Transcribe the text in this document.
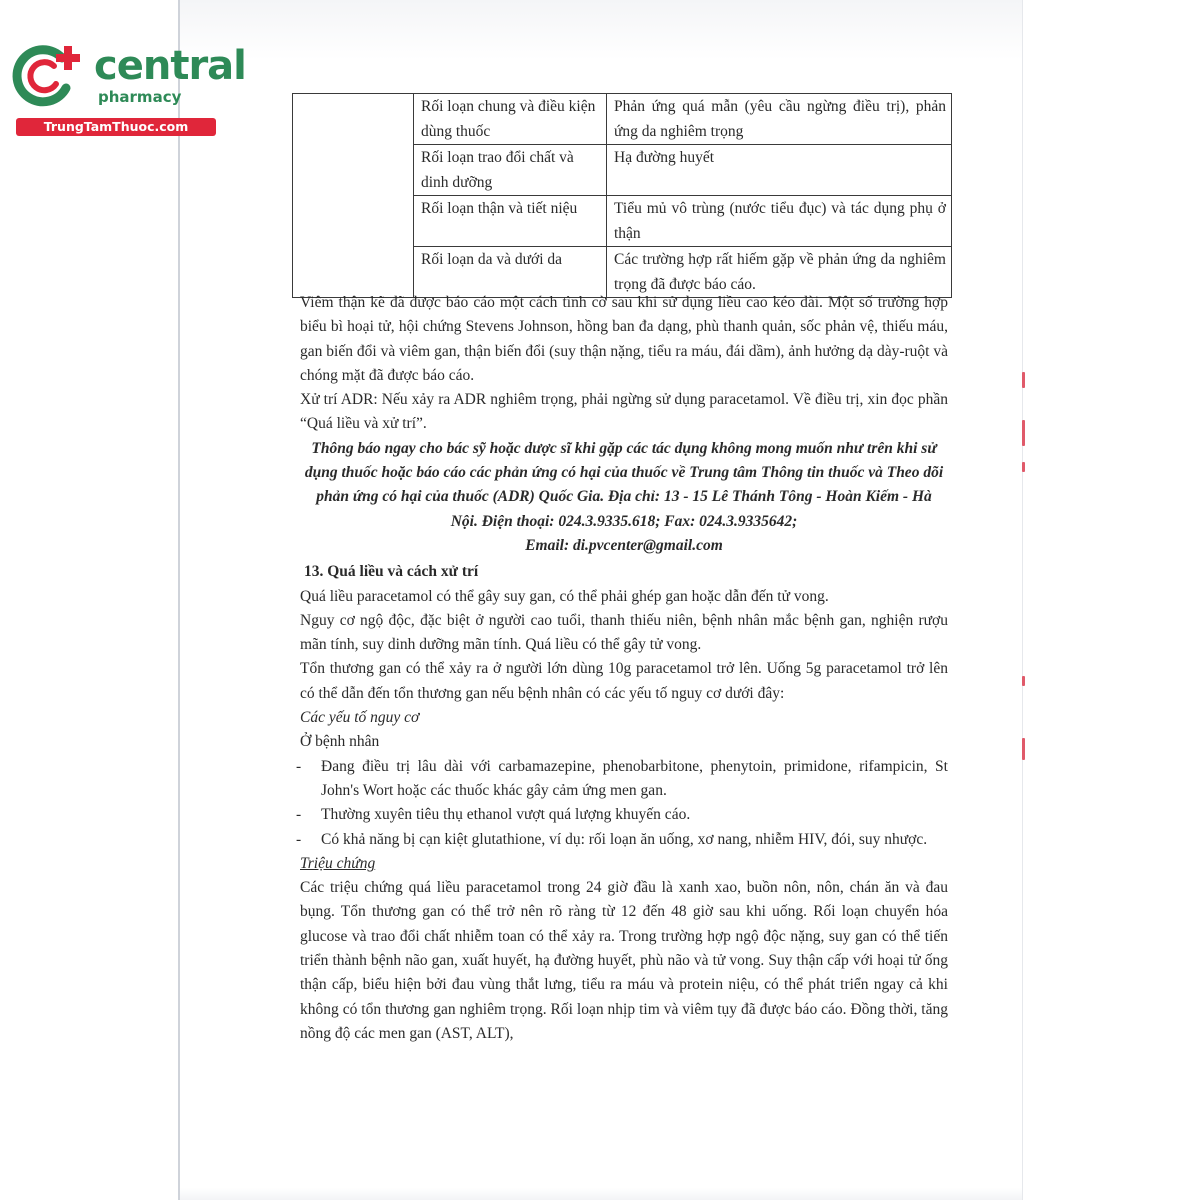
central
pharmacy
TrungTamThuoc.com
	Rối loạn chung và điều kiện dùng thuốc	Phản ứng quá mẫn (yêu cầu ngừng điều trị), phản ứng da nghiêm trọng
	Rối loạn trao đổi chất và dinh dưỡng	Hạ đường huyết
	Rối loạn thận và tiết niệu	Tiểu mủ vô trùng (nước tiểu đục) và tác dụng phụ ở thận
	Rối loạn da và dưới da	Các trường hợp rất hiếm gặp về phản ứng da nghiêm trọng đã được báo cáo.

Viêm thận kẽ đã được báo cáo một cách tình cờ sau khi sử dụng liều cao kéo dài. Một số trường hợp biểu bì hoại tử, hội chứng Stevens Johnson, hồng ban đa dạng, phù thanh quản, sốc phản vệ, thiếu máu, gan biến đổi và viêm gan, thận biến đổi (suy thận nặng, tiểu ra máu, đái dầm), ảnh hưởng dạ dày-ruột và chóng mặt đã được báo cáo.

Xử trí ADR: Nếu xảy ra ADR nghiêm trọng, phải ngừng sử dụng paracetamol. Về điều trị, xin đọc phần “Quá liều và xử trí”.

Thông báo ngay cho bác sỹ hoặc dược sĩ khi gặp các tác dụng không mong muốn như trên khi sử dụng thuốc hoặc báo cáo các phản ứng có hại của thuốc về Trung tâm Thông tin thuốc và Theo dõi phản ứng có hại của thuốc (ADR) Quốc Gia. Địa chỉ: 13 - 15 Lê Thánh Tông - Hoàn Kiếm - Hà Nội. Điện thoại: 024.3.9335.618; Fax: 024.3.9335642;

Email: di.pvcenter@gmail.com

13. Quá liều và cách xử trí

Quá liều paracetamol có thể gây suy gan, có thể phải ghép gan hoặc dẫn đến tử vong.

Nguy cơ ngộ độc, đặc biệt ở người cao tuổi, thanh thiếu niên, bệnh nhân mắc bệnh gan, nghiện rượu mãn tính, suy dinh dưỡng mãn tính. Quá liều có thể gây tử vong.

Tổn thương gan có thể xảy ra ở người lớn dùng 10g paracetamol trở lên. Uống 5g paracetamol trở lên có thể dẫn đến tổn thương gan nếu bệnh nhân có các yếu tố nguy cơ dưới đây:

Các yếu tố nguy cơ

Ở bệnh nhân

- Đang điều trị lâu dài với carbamazepine, phenobarbitone, phenytoin, primidone, rifampicin, St John's Wort hoặc các thuốc khác gây cảm ứng men gan.
- Thường xuyên tiêu thụ ethanol vượt quá lượng khuyến cáo.
- Có khả năng bị cạn kiệt glutathione, ví dụ: rối loạn ăn uống, xơ nang, nhiễm HIV, đói, suy nhược.

Triệu chứng

Các triệu chứng quá liều paracetamol trong 24 giờ đầu là xanh xao, buồn nôn, nôn, chán ăn và đau bụng. Tổn thương gan có thể trở nên rõ ràng từ 12 đến 48 giờ sau khi uống. Rối loạn chuyển hóa glucose và trao đổi chất nhiễm toan có thể xảy ra. Trong trường hợp ngộ độc nặng, suy gan có thể tiến triển thành bệnh não gan, xuất huyết, hạ đường huyết, phù não và tử vong. Suy thận cấp với hoại tử ống thận cấp, biểu hiện bởi đau vùng thắt lưng, tiểu ra máu và protein niệu, có thể phát triển ngay cả khi không có tổn thương gan nghiêm trọng. Rối loạn nhịp tim và viêm tụy đã được báo cáo. Đồng thời, tăng nồng độ các men gan (AST, ALT),
